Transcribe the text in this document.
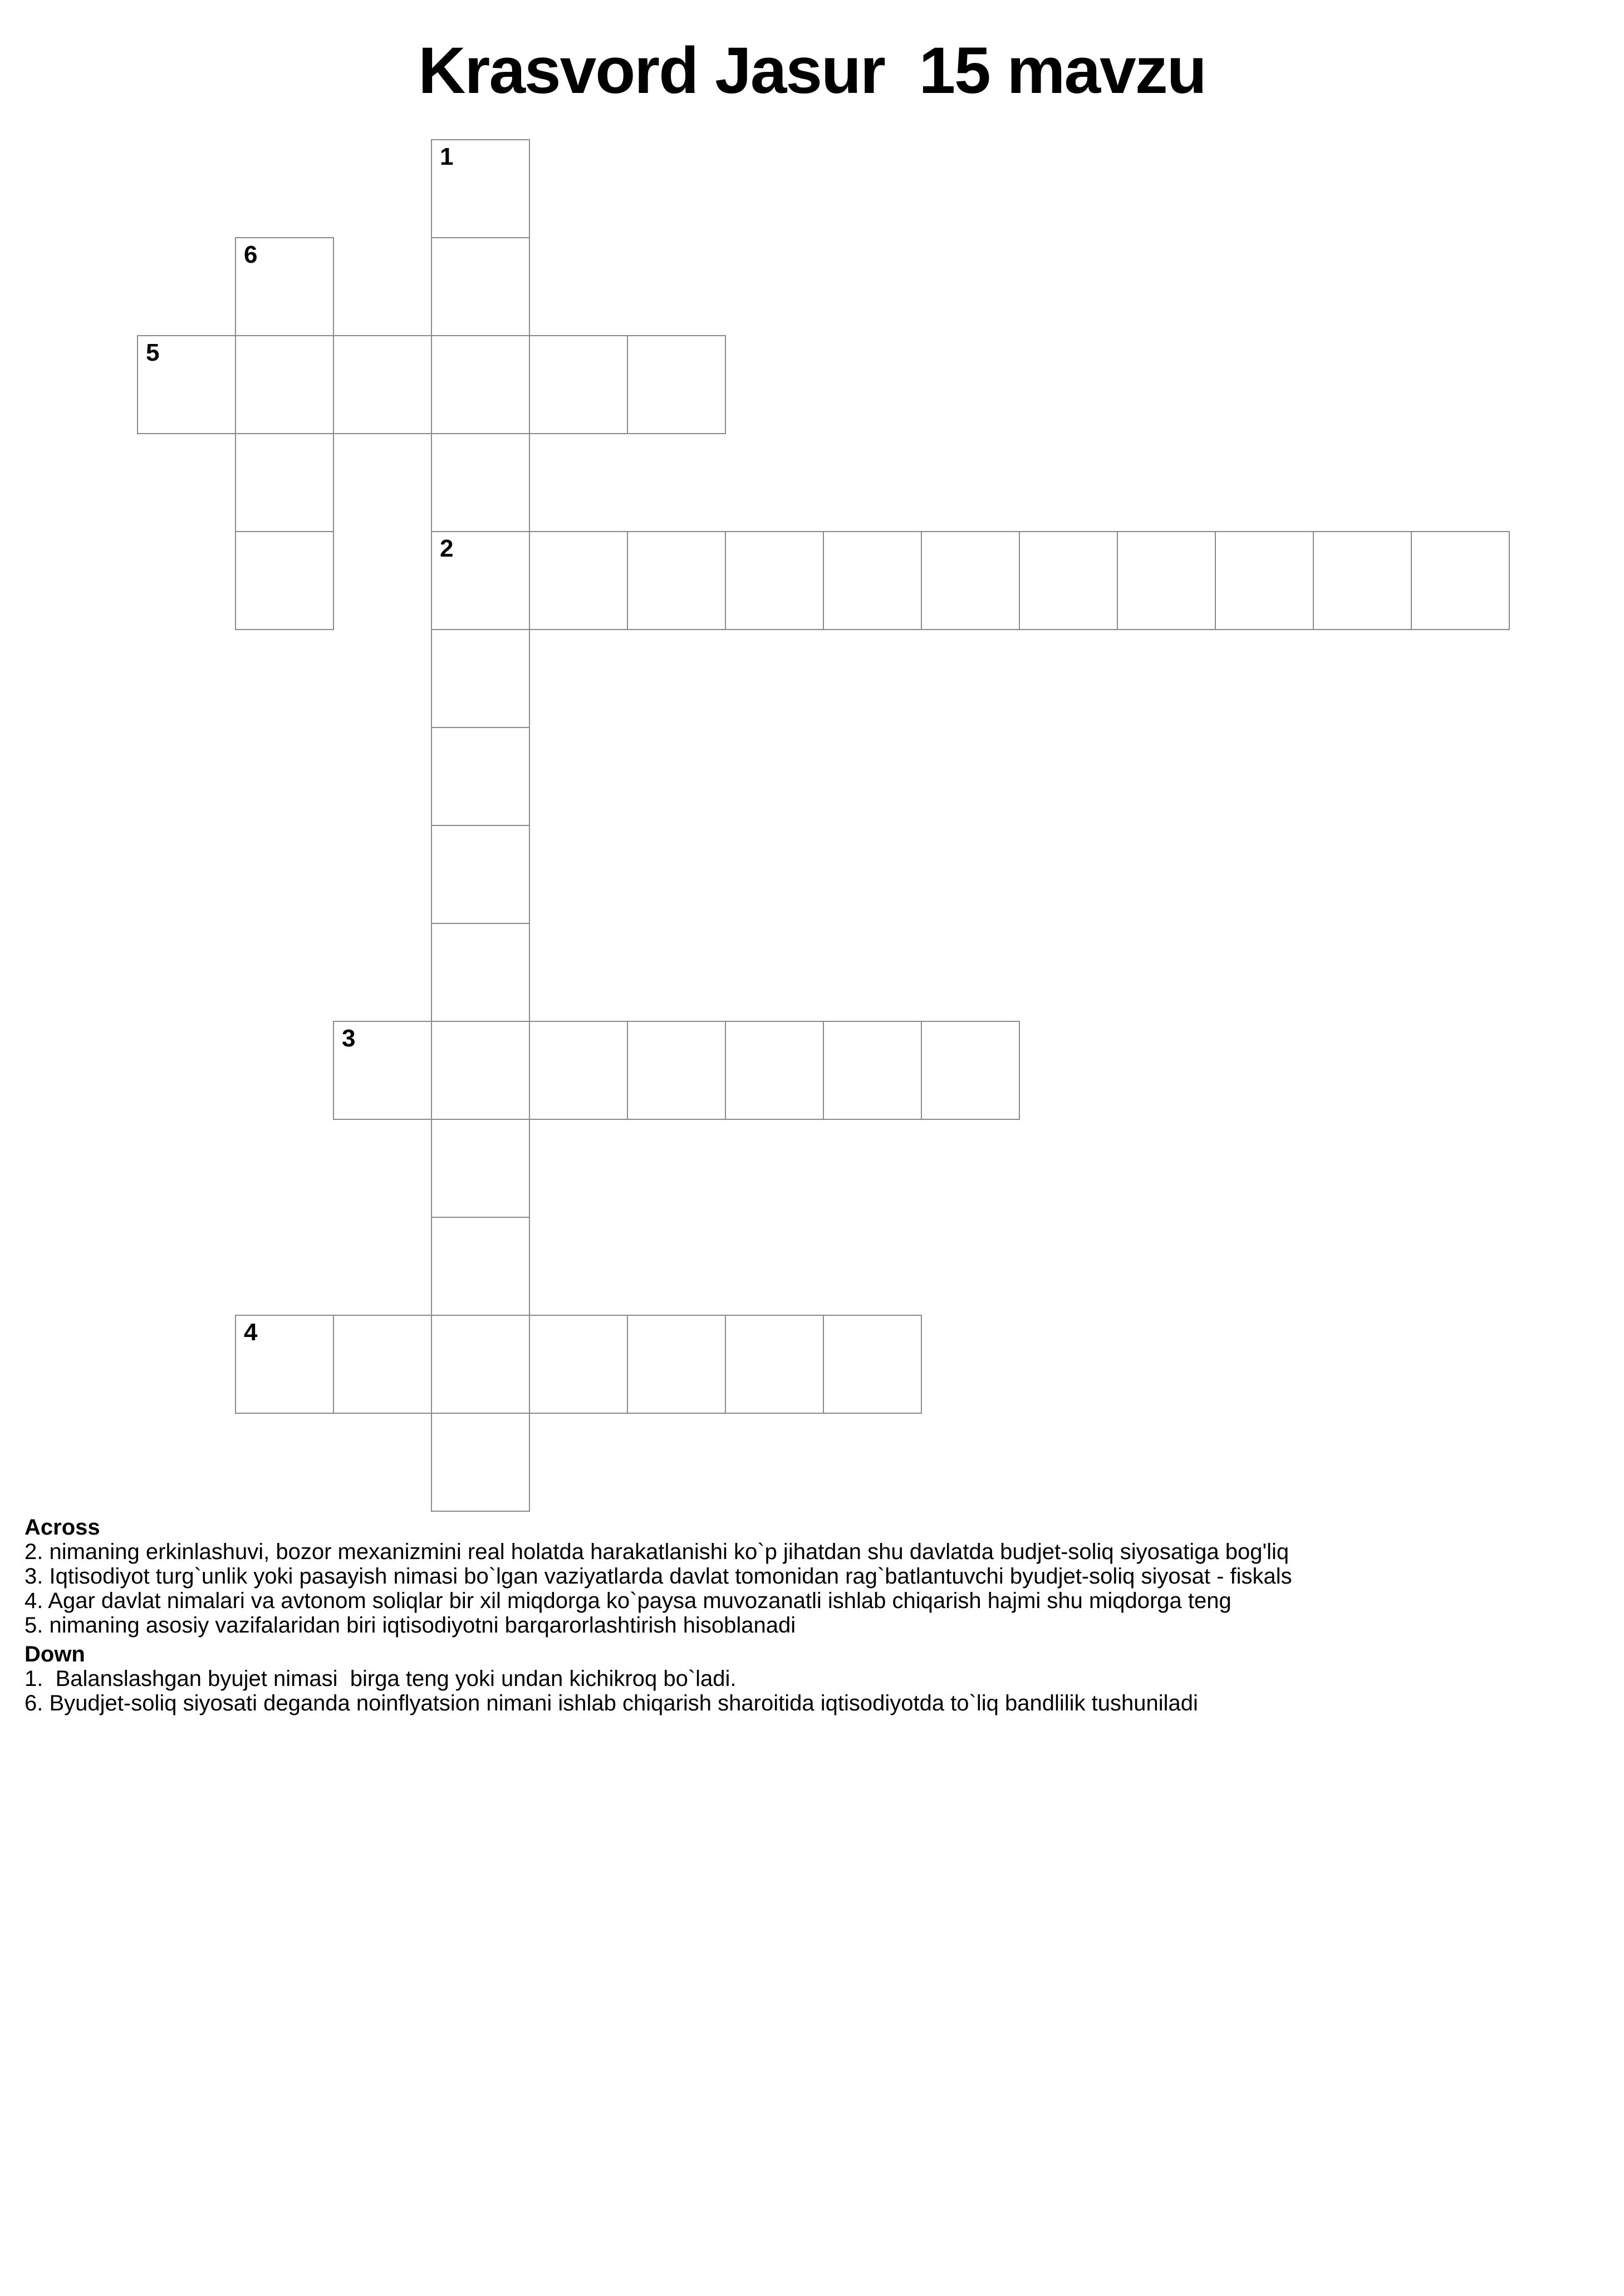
Krasvord Jasur  15 mavzu
1
6
5
2
3
4
Across
2. nimaning erkinlashuvi, bozor mexanizmini real holatda harakatlanishi ko`p jihatdan shu davlatda budjet-soliq siyosatiga bog'liq
3. Iqtisodiyot turg`unlik yoki pasayish nimasi bo`lgan vaziyatlarda davlat tomonidan rag`batlantuvchi byudjet-soliq siyosat - fiskals
4. Agar davlat nimalari va avtonom soliqlar bir xil miqdorga ko`paysa muvozanatli ishlab chiqarish hajmi shu miqdorga teng
5. nimaning asosiy vazifalaridan biri iqtisodiyotni barqarorlashtirish hisoblanadi
Down
1.  Balanslashgan byujet nimasi  birga teng yoki undan kichikroq bo`ladi.
6. Byudjet-soliq siyosati deganda noinflyatsion nimani ishlab chiqarish sharoitida iqtisodiyotda to`liq bandlilik tushuniladi
